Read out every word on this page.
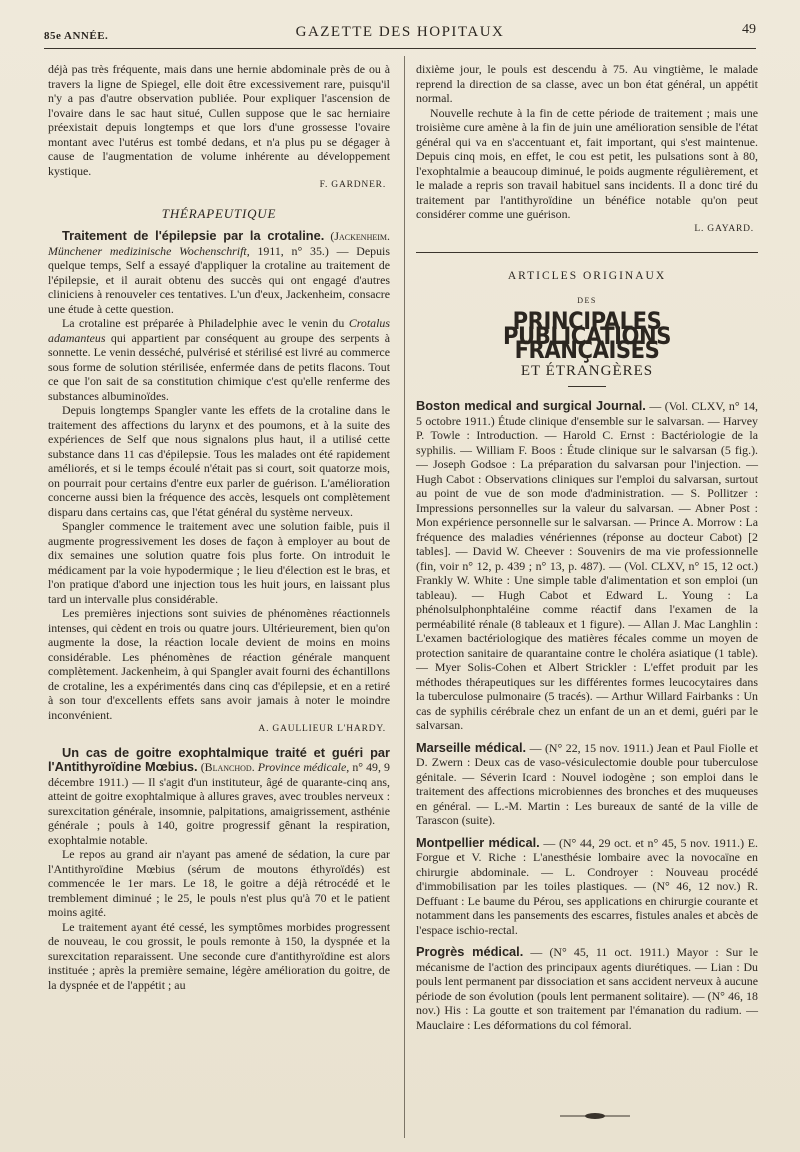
85e ANNÉE.	GAZETTE DES HOPITAUX	49

déjà pas très fréquente, mais dans une hernie abdominale près de ou à travers la ligne de Spiegel, elle doit être excessivement rare, puisqu'il n'y a pas d'autre observation publiée. Pour expliquer l'ascension de l'ovaire dans le sac haut situé, Cullen suppose que le sac herniaire préexistait depuis longtemps et que lors d'une grossesse l'ovaire montant avec l'utérus est tombé dedans, et n'a plus pu se dégager à cause de l'augmentation de volume inhérente au développement kystique.

F. GARDNER.
THÉRAPEUTIQUE

Traitement de l'épilepsie par la crotaline. (Jackenheim. Münchener medizinische Wochenschrift, 1911, n° 35.) — Depuis quelque temps, Self a essayé d'appliquer la crotaline au traitement de l'épilepsie, et il aurait obtenu des succès qui ont engagé d'autres cliniciens à renouveler ces tentatives. L'un d'eux, Jackenheim, consacre une étude à cette question.

La crotaline est préparée à Philadelphie avec le venin du Crotalus adamanteus qui appartient par conséquent au groupe des serpents à sonnette. Le venin desséché, pulvérisé et stérilisé est livré au commerce sous forme de solution stérilisée, enfermée dans de petits flacons. Tout ce que l'on sait de sa constitution chimique c'est qu'elle renferme des substances albuminoïdes.

Depuis longtemps Spangler vante les effets de la crotaline dans le traitement des affections du larynx et des poumons, et à la suite des expériences de Self que nous signalons plus haut, il a utilisé cette substance dans 11 cas d'épilepsie. Tous les malades ont été rapidement améliorés, et si le temps écoulé n'était pas si court, soit quatorze mois, on pourrait pour certains d'entre eux parler de guérison. L'amélioration concerne aussi bien la fréquence des accès, lesquels ont complètement disparu dans certains cas, que l'état général du système nerveux.

Spangler commence le traitement avec une solution faible, puis il augmente progressivement les doses de façon à employer au bout de dix semaines une solution quatre fois plus forte. On introduit le médicament par la voie hypodermique ; le lieu d'élection est le bras, et l'on pratique d'abord une injection tous les huit jours, en laissant plus tard un intervalle plus considérable.

Les premières injections sont suivies de phénomènes réactionnels intenses, qui cèdent en trois ou quatre jours. Ultérieurement, bien qu'on augmente la dose, la réaction locale devient de moins en moins considérable. Les phénomènes de réaction générale manquent complètement. Jackenheim, à qui Spangler avait fourni des échantillons de crotaline, les a expérimentés dans cinq cas d'épilepsie, et en a retiré à son tour d'excellents effets sans avoir jamais à noter le moindre inconvénient.

A. GAULLIEUR L'HARDY.

Un cas de goitre exophtalmique traité et guéri par l'Antithyroïdine Mœbius. (Blanchod. Province médicale, n° 49, 9 décembre 1911.) — Il s'agit d'un instituteur, âgé de quarante-cinq ans, atteint de goitre exophtalmique à allures graves, avec troubles nerveux : surexcitation générale, insomnie, palpitations, amaigrissement, asthénie générale ; pouls à 140, goitre progressif gênant la respiration, exophtalmie notable.

Le repos au grand air n'ayant pas amené de sédation, la cure par l'Antithyroïdine Mœbius (sérum de moutons éthyroïdés) est commencée le 1er mars. Le 18, le goitre a déjà rétrocédé et le tremblement diminué ; le 25, le pouls n'est plus qu'à 70 et le patient moins agité.

Le traitement ayant été cessé, les symptômes morbides progressent de nouveau, le cou grossit, le pouls remonte à 150, la dyspnée et la surexcitation reparaissent. Une seconde cure d'antithyroïdine est alors instituée ; après la première semaine, légère amélioration du goitre, de la dyspnée et de l'appétit ; au

dixième jour, le pouls est descendu à 75. Au vingtième, le malade reprend la direction de sa classe, avec un bon état général, un appétit normal.

Nouvelle rechute à la fin de cette période de traitement ; mais une troisième cure amène à la fin de juin une amélioration sensible de l'état général qui va en s'accentuant et, fait important, qui s'est maintenue. Depuis cinq mois, en effet, le cou est petit, les pulsations sont à 80, l'exophtalmie a beaucoup diminué, le poids augmente régulièrement, et le malade a repris son travail habituel sans incidents. Il a donc tiré du traitement par l'antithyroïdine un bénéfice notable qu'on peut considérer comme une guérison.

L. GAYARD.
ARTICLES ORIGINAUX
DES
PRINCIPALES PUBLICATIONS FRANÇAISES
ET ÉTRANGÈRES

Boston medical and surgical Journal. — (Vol. CLXV, n° 14, 5 octobre 1911.) Étude clinique d'ensemble sur le salvarsan. — Harvey P. Towle : Introduction. — Harold C. Ernst : Bactériologie de la syphilis. — William F. Boos : Étude clinique sur le salvarsan (5 fig.). — Joseph Godsoe : La préparation du salvarsan pour l'injection. — Hugh Cabot : Observations cliniques sur l'emploi du salvarsan, surtout au point de vue de son mode d'administration. — S. Pollitzer : Impressions personnelles sur la valeur du salvarsan. — Abner Post : Mon expérience personnelle sur le salvarsan. — Prince A. Morrow : La fréquence des maladies vénériennes (réponse au docteur Cabot) [2 tables]. — David W. Cheever : Souvenirs de ma vie professionnelle (fin, voir n° 12, p. 439 ; n° 13, p. 487). — (Vol. CLXV, n° 15, 12 oct.) Frankly W. White : Une simple table d'alimentation et son emploi (un tableau). — Hugh Cabot et Edward L. Young : La phénolsulphonphtaléine comme réactif dans l'examen de la perméabilité rénale (8 tableaux et 1 figure). — Allan J. Mac Langhlin : L'examen bactériologique des matières fécales comme un moyen de protection sanitaire de quarantaine contre le choléra asiatique (1 table). — Myer Solis-Cohen et Albert Strickler : L'effet produit par les méthodes thérapeutiques sur les différentes formes leucocytaires dans la tuberculose pulmonaire (5 tracés). — Arthur Willard Fairbanks : Un cas de syphilis cérébrale chez un enfant de un an et demi, guéri par le salvarsan.

Marseille médical. — (N° 22, 15 nov. 1911.) Jean et Paul Fiolle et D. Zwern : Deux cas de vaso-vésiculectomie double pour tuberculose génitale. — Séverin Icard : Nouvel iodogène ; son emploi dans le traitement des affections microbiennes des bronches et des muqueuses en général. — L.-M. Martin : Les bureaux de santé de la ville de Tarascon (suite).

Montpellier médical. — (N° 44, 29 oct. et n° 45, 5 nov. 1911.) E. Forgue et V. Riche : L'anesthésie lombaire avec la novocaïne en chirurgie abdominale. — L. Condroyer : Nouveau procédé d'immobilisation par les toiles plastiques. — (N° 46, 12 nov.) R. Deffuant : Le baume du Pérou, ses applications en chirurgie courante et notamment dans les pansements des escarres, fistules anales et abcès de l'espace ischio-rectal.

Progrès médical. — (N° 45, 11 oct. 1911.) Mayor : Sur le mécanisme de l'action des principaux agents diurétiques. — Lian : Du pouls lent permanent par dissociation et sans accident nerveux à aucune période de son évolution (pouls lent permanent solitaire). — (N° 46, 18 nov.) His : La goutte et son traitement par l'émanation du radium. — Mauclaire : Les déformations du col fémoral.
